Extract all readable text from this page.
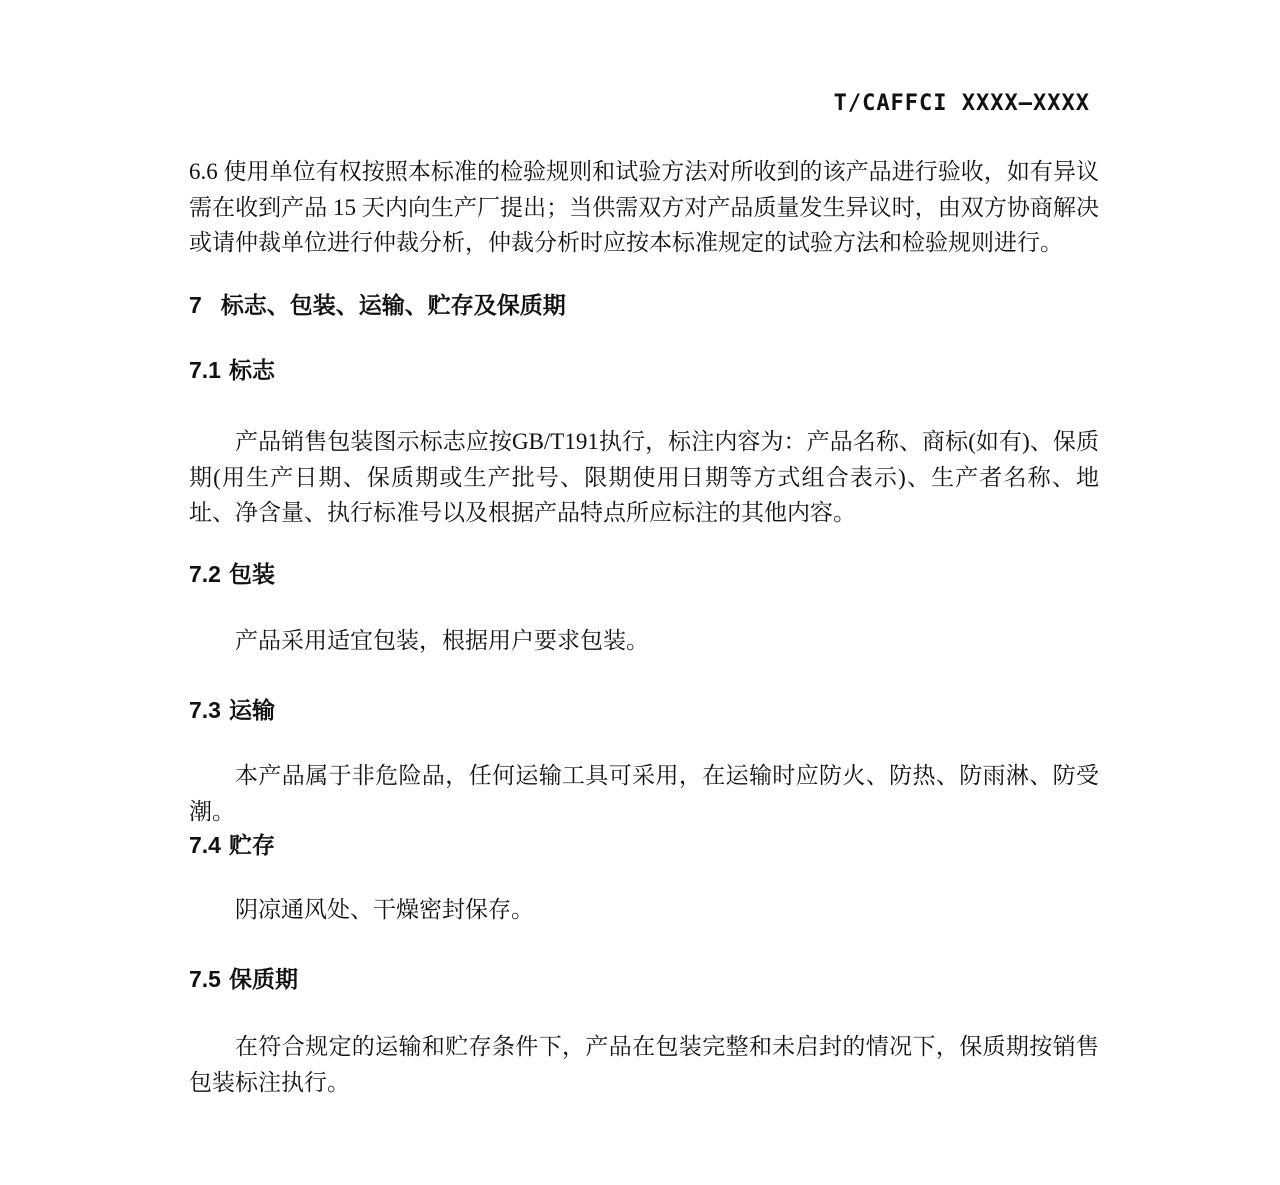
T/CAFFCI XXXX—XXXX

6.6 使用单位有权按照本标准的检验规则和试验方法对所收到的该产品进行验收，如有异议需在收到产品 15 天内向生产厂提出；当供需双方对产品质量发生异议时，由双方协商解决或请仲裁单位进行仲裁分析，仲裁分析时应按本标准规定的试验方法和检验规则进行。

7 标志、包装、运输、贮存及保质期
7.1 标志

产品销售包装图示标志应按GB/T191执行，标注内容为：产品名称、商标(如有)、保质期(用生产日期、保质期或生产批号、限期使用日期等方式组合表示)、生产者名称、地址、净含量、执行标准号以及根据产品特点所应标注的其他内容。

7.2 包装

产品采用适宜包装，根据用户要求包装。

7.3 运输

本产品属于非危险品，任何运输工具可采用，在运输时应防火、防热、防雨淋、防受潮。

7.4 贮存

阴凉通风处、干燥密封保存。

7.5 保质期

在符合规定的运输和贮存条件下，产品在包装完整和未启封的情况下，保质期按销售包装标注执行。
